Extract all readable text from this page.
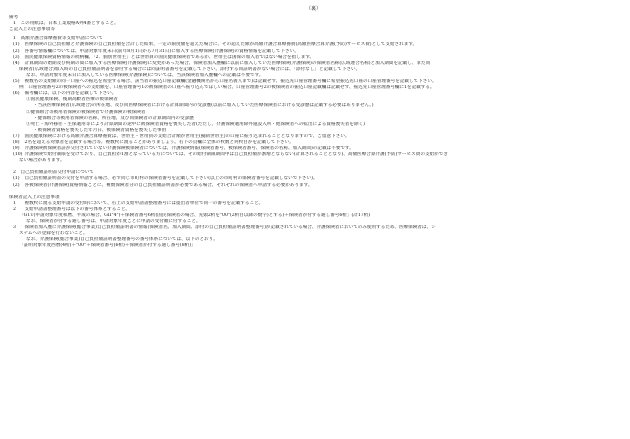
（裏）
備考
1　この用紙は、日本工業規格A列4番とすること。
ご記入上の注意事項等
1　高額介護合算療養費等支給申請について
(1) 医療保険の自己負担額と介護保険の自己負担額を合計した結果、一定の限度額を超えた場合に、その超えた額が高額介護合算療養費(高額医療合算介護(予防)サービス費)として支給されます。
(2) 各番号情報欄については、申請対象年度末日(前年8月1日から7月31日)に加入する医療保険(介護保険)の資格情報を記載して下さい。
(3) 国民健康保険資格情報の続柄欄、「2．個別世帯主」とは世帯員の国民健康保険者であるが、世帯主は国保の加入者ではない場合を指します。
(4) 計算期間の始期及び終期の間に加入する医療保険(介護保険)に変更があった場合、保険者加入歴欄に以前に加入していた医療保険(介護保険)の保険者名称(広域連合名称)と加入期間を記載し、また同
保険者(広域連合)加入時の自己負担額証明書を添付する場合には同証明書番号を記載して下さい。添付する同証明書がない場合には、「添付なし」と記載して下さい。
なお、申請対象年度末日に加入している医療保険(介護保険)については、当該保険者加入歴欄への記載は不要です。
(5) 複数名の支給額の同一口座への振込を希望する場合、該当者の振込口座記載欄(金融機関名から口座名義人まで)は記載せず、振込先口座管理番号欄に希望振込先口座の口座管理番号を記載して下さい。
例　口座管理番号2の被保険者への支給額を、口座管理番号1の被保険者の口座へ振り込んでほしい場合、口座管理番号2の被保険者の振込口座記載欄は記載せず、振込先口座管理番号欄に1を記載する。
(6) 備考欄には、以下の内容を記載して下さい。
①国民健康保険、後期高齢者医療の被保険者
・当該医療保険者(広域連合)の所在地、及び同医療保険者における計算期間内の受診歴(以前に加入していた医療保険者における受診歴は記載する必要はありません。)
②健保組合等被用者保険の被保険者で介護保険の被保険者
・健保組合等被用者保険の名称、所在地、及び同保険者の計算期間内の受診歴
③死亡・海外移住・生保適用等により計算期間の途中に被保険者資格を喪失した者(ただし、介護保険適用除外施設入所・他保険者への転出による資格喪失者を除く)
・被保険者資格を喪失した年月日、被保険者資格を喪失した事由
(7) 国民健康保険における高額介護合算療養費は、世帯主・世帯員の支給合計額が世帯主(擬制世帯主)の口座に振り込まれることとなりますので、ご留意下さい。
(8) 2名を超える対象者を記載する場合等、複数枚に渡ることがありましょう。右下の頁欄に全体の枚数と何枚目かを記載して下さい。
(9) 介護保険被保険者証が交付されていない介護保険被保険者については、介護保険情報(保険者番号、被保険者番号、保険者の名称、加入期間)の記載は不要です。
(10) 介護保険で給付制限を受けており、自己負担が1割となっている方については、その給付制限期間中は自己負担額が割増とならない(計算されることとなり)、高額医療合算介護(予防)サービス費の支給ができ
ない場合があります。
2　自己負担額証明書交付申請について
(1) 自己負担額証明書の交付を申請する場合、必ず同じ市町村の保険者番号を記載して下さい(以上の市町村の保険者番号を記載しないで下さい)。
(2) 各被保険者(介護保険)資格情報ごとに、複数保険者分の自己負担額証明書が必要である場合、それぞれの保険者へ申請する必要があります。
保険者記入上の注意事項
1 複数枚に渡る支給申請の受付時において、右上の支給申請書整理番号には提出者単位で同一の番号を記載すること。
2 支給申請書整理番号は以下の番号体系とすること。
「GTT(申請対象年度和暦、平成の場合、GII"4")＋保険者番号6桁(国民保険者の場合、先頭2桁を"00"(2桁目以降の数字)とする)＋保険者が付する通し番号6桁」(計17桁)
なお、保険者が付する通し番号は、申請対象年度ごとに申請の受付順に付すること。
3 保険者加入歴に介護保険(総合事業)自己負担額証明書の情報(保険者名、加入期間、添付の自己負担額証明書整理番号)が記載されている場合、介護保険者においてのみ使用するため、医療保険者は、シ
ステムへの登録を行わないこと。
なお、介護保険(総合事業)自己負担額証明書整理番号の番号体系については、以下のとおり。
「証明対象年度西暦(4桁)＋"00"＋保険者番号(6桁)＋保険者が付する通し番号(8桁)」
